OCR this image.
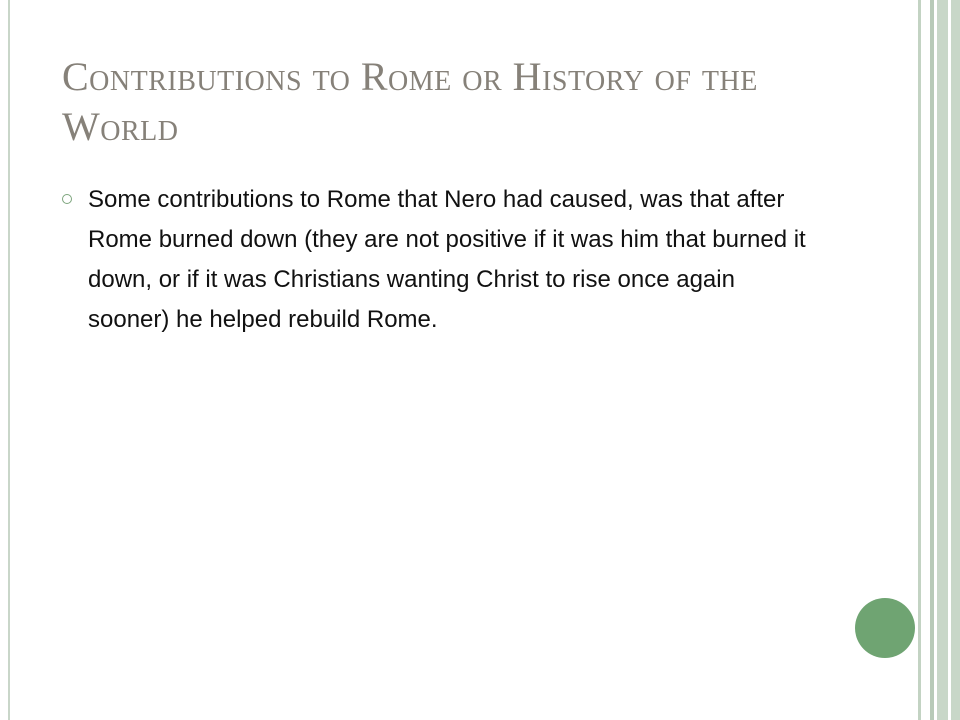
Contributions to Rome or History of the World
Some contributions to Rome that Nero had caused, was that after Rome burned down (they are not positive if it was him that burned it down, or if it was Christians wanting Christ to rise once again sooner) he helped rebuild Rome.
